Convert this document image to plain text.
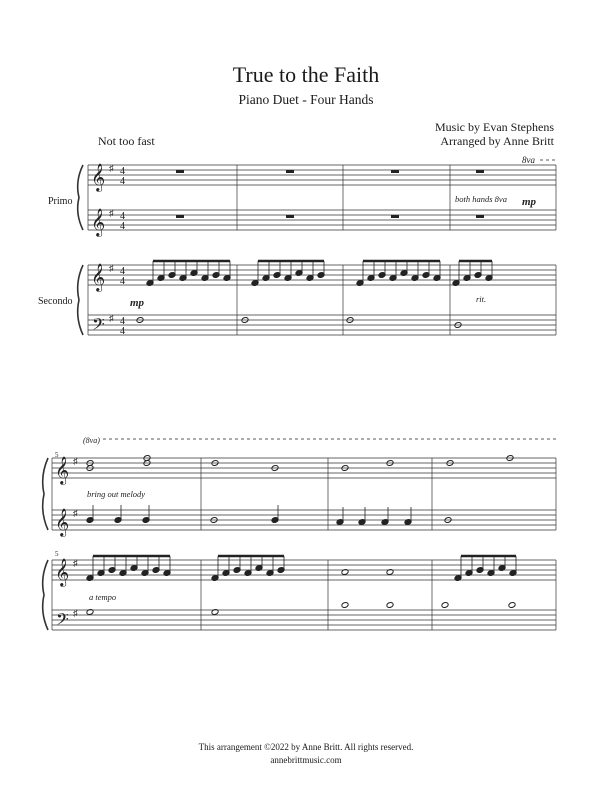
True to the Faith
Piano Duet - Four Hands
Music by Evan Stephens
Arranged by Anne Britt
Not too fast
Primo
Secondo
𝄞
𝄞
𝄞
𝄢
♯ 4
4
♯ 4
4
♯ 4
4
♯ 4
4
𝄞
𝄞
𝄞
𝄢
♯
♯
♯
♯
8va
both hands 8va mp
mp	rit.
5
5
(8va)
bring out melody
a tempo
This arrangement ©2022 by Anne Britt. All rights reserved.
annebrittmusic.com
